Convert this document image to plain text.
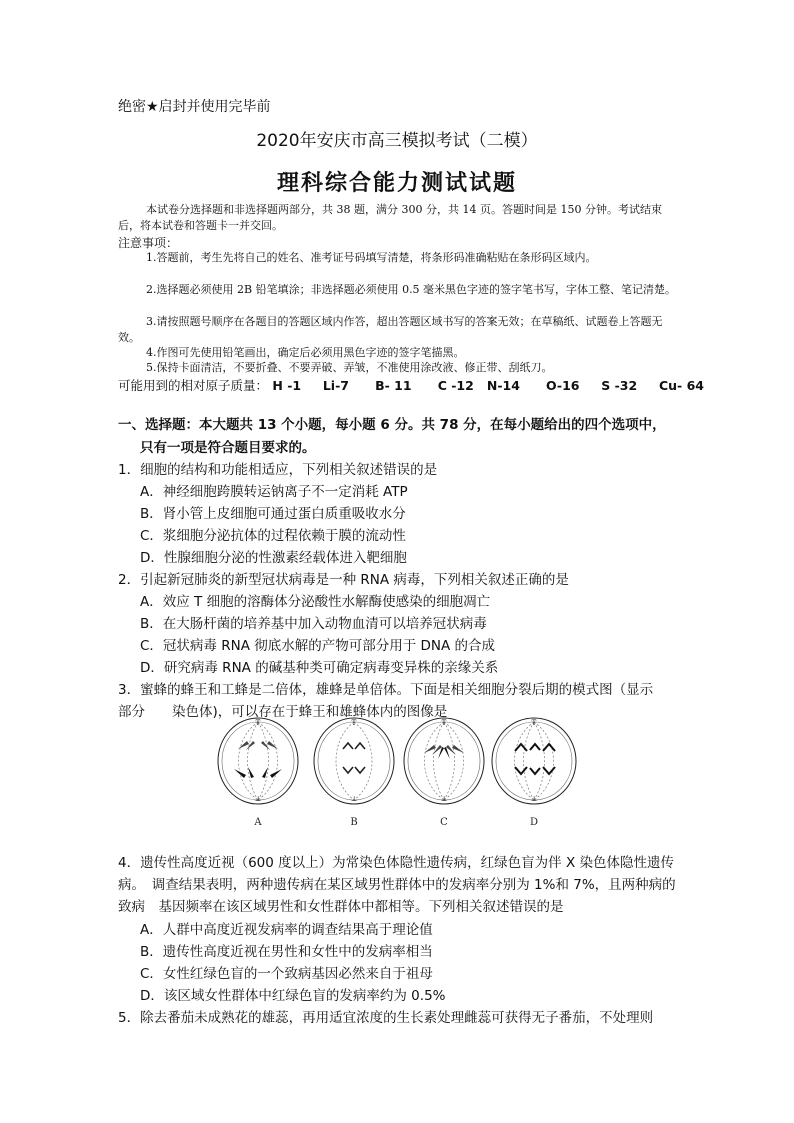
绝密★启封并使用完毕前
2020年安庆市高三模拟考试（二模）
理科综合能力测试试题
本试卷分选择题和非选择题两部分，共 38 题，满分 300 分，共 14 页。答题时间是 150 分钟。考试结束后，将本试卷和答题卡一并交回。
注意事项：
1.答题前，考生先将自己的姓名、准考证号码填写清楚，将条形码准确粘贴在条形码区域内。
2.选择题必须使用 2B 铅笔填涂；非选择题必须使用 0.5 毫米黑色字迹的签字笔书写，字体工整、笔记清楚。
3.请按照题号顺序在各题目的答题区域内作答，超出答题区域书写的答案无效；在草稿纸、试题卷上答题无效。
4.作图可先使用铅笔画出，确定后必须用黑色字迹的签字笔描黑。
5.保持卡面清洁，不要折叠、不要弄破、弄皱，不准使用涂改液、修正带、刮纸刀。
可能用到的相对原子质量： H -1 Li-7 B- 11 C -12 N-14 O-16 S -32 Cu- 64
一、选择题：本大题共 13 个小题，每小题 6 分。共 78 分，在每小题给出的四个选项中，
只有一项是符合题目要求的。
1．细胞的结构和功能相适应，下列相关叙述错误的是
A．神经细胞跨膜转运钠离子不一定消耗 ATP
B．肾小管上皮细胞可通过蛋白质重吸收水分
C．浆细胞分泌抗体的过程依赖于膜的流动性
D．性腺细胞分泌的性激素经载体进入靶细胞
2．引起新冠肺炎的新型冠状病毒是一种 RNA 病毒，下列相关叙述正确的是
A．效应 T 细胞的溶酶体分泌酸性水解酶使感染的细胞凋亡
B．在大肠杆菌的培养基中加入动物血清可以培养冠状病毒
C．冠状病毒 RNA 彻底水解的产物可部分用于 DNA 的合成
D．研究病毒 RNA 的碱基种类可确定病毒变异株的亲缘关系
3．蜜蜂的蜂王和工蜂是二倍体，雄蜂是单倍体。下面是相关细胞分裂后期的模式图（显示
部分　　染色体)，可以存在于蜂王和雄蜂体内的图像是
T
⊥
T
⊥
T
⊥
T
⊥
A	B	C	D
4．遗传性高度近视（600 度以上）为常染色体隐性遗传病，红绿色盲为伴 X 染色体隐性遗传病。　调查结果表明，两种遗传病在某区域男性群体中的发病率分别为 1%和 7%，且两种病的致病　基因频率在该区域男性和女性群体中都相等。下列相关叙述错误的是
A．人群中高度近视发病率的调查结果高于理论值
B．遗传性高度近视在男性和女性中的发病率相当
C．女性红绿色盲的一个致病基因必然来自于祖母
D．该区域女性群体中红绿色盲的发病率约为 0.5%
5．除去番茄未成熟花的雄蕊，再用适宜浓度的生长素处理雌蕊可获得无子番茄，不处理则
